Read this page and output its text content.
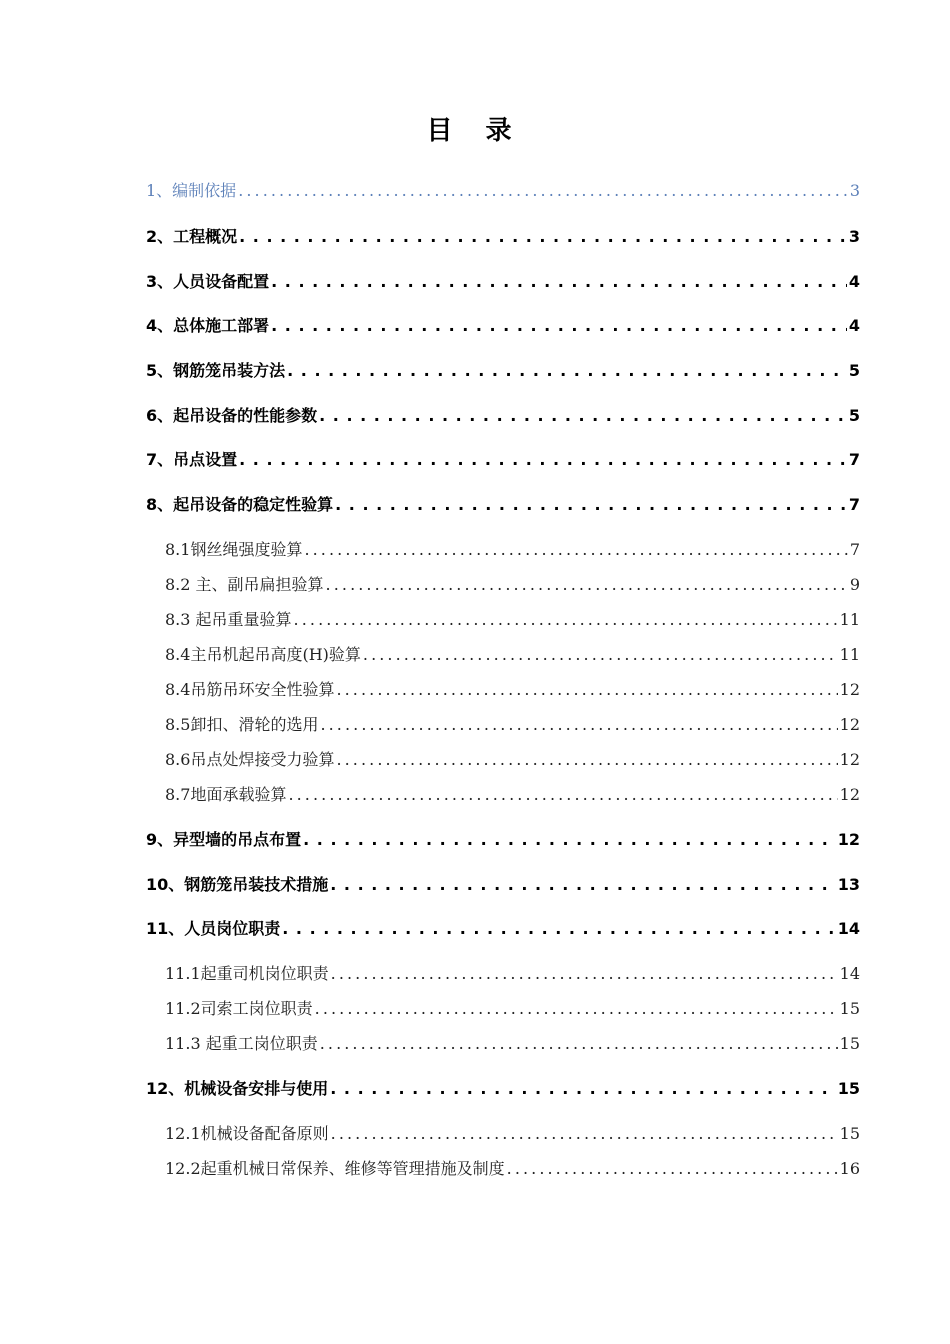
目 录
1、编制依据 . . .	3
2、工程概况 . . .	3
3、人员设备配置 . . .	4
4、总体施工部署 . . .	4
5、钢筋笼吊装方法 . . .	5
6、起吊设备的性能参数 . . .	5
7、吊点设置 . . .	7
8、起吊设备的稳定性验算 . . .	7
8.1钢丝绳强度验算 . . .	7
8.2 主、副吊扁担验算 . . .	9
8.3 起吊重量验算 . . .	11
8.4主吊机起吊高度(H)验算 . . .	11
8.4吊筋吊环安全性验算 . . .	12
8.5卸扣、滑轮的选用 . . .	12
8.6吊点处焊接受力验算 . . .	12
8.7地面承载验算 . . .	12
9、异型墙的吊点布置 . . .	12
10、钢筋笼吊装技术措施 . . .	13
11、人员岗位职责 . . .	14
11.1起重司机岗位职责 . . .	14
11.2司索工岗位职责 . . .	15
11.3 起重工岗位职责 . . .	15
12、机械设备安排与使用 . . .	15
12.1机械设备配备原则 . . .	15
12.2起重机械日常保养、维修等管理措施及制度 . . .	16
